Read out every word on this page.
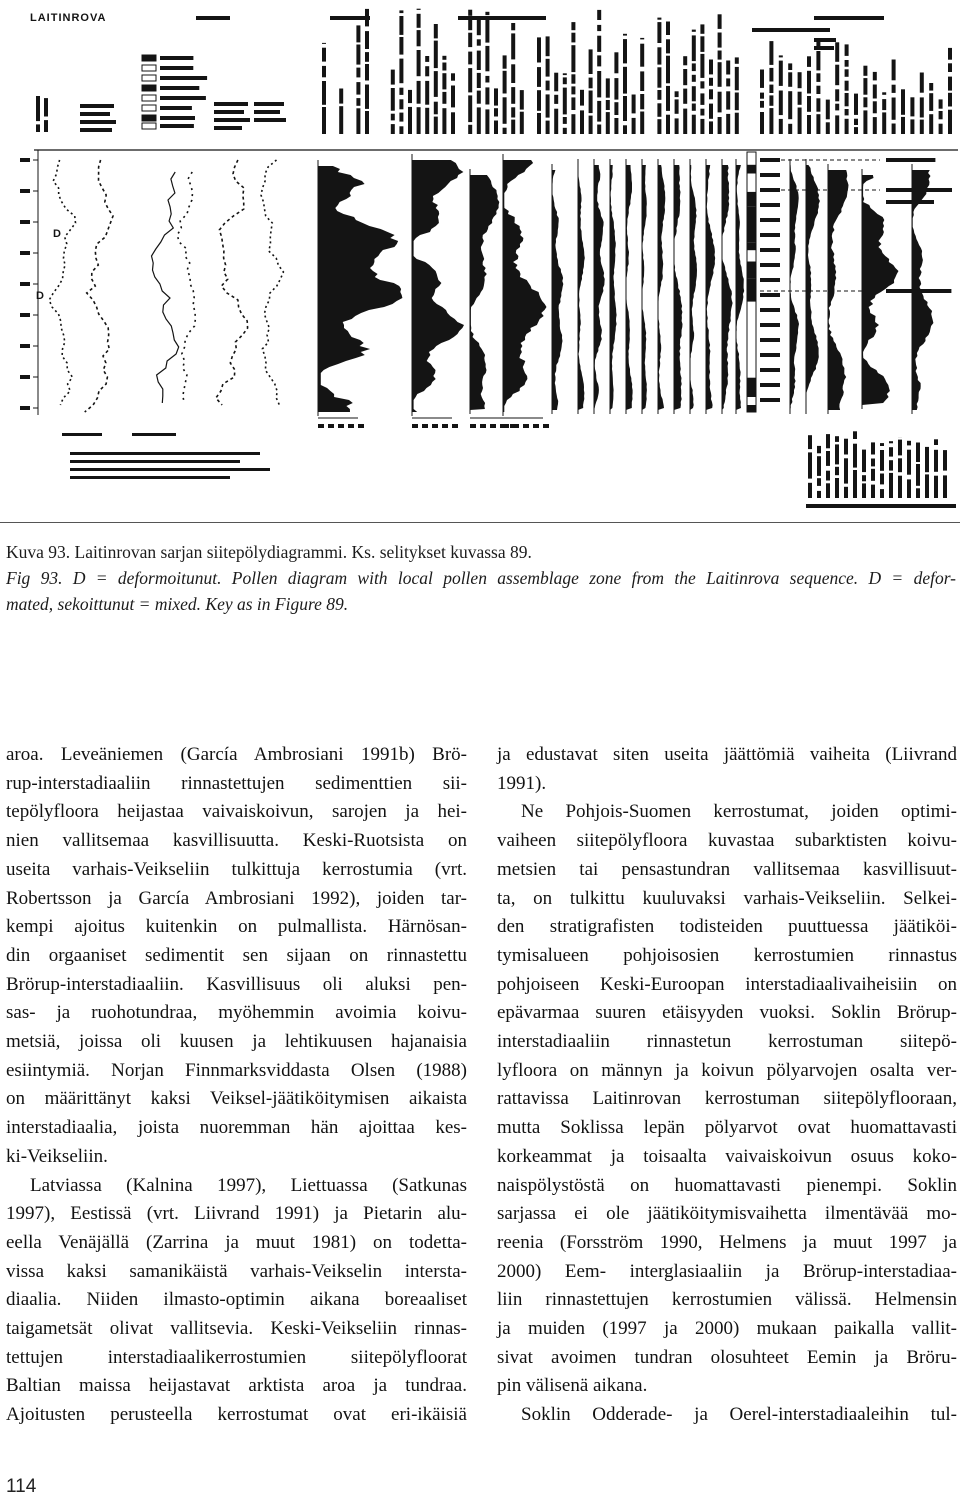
LAITINROVA
D
D
Kuva 93. Laitinrovan sarjan siitepölydiagrammi. Ks. selitykset kuvassa 89.
Fig 93. D = deformoitunut. Pollen diagram with local pollen assemblage zone from the Laitinrova sequence. D = defor-
mated, sekoittunut = mixed. Key as in Figure 89.
aroa. Leveäniemen (García Ambrosiani 1991b) Brö-
rup-interstadiaaliin rinnastettujen sedimenttien sii-
tepölyfloora heijastaa vaivaiskoivun, sarojen ja hei-
nien vallitsemaa kasvillisuutta. Keski-Ruotsista on
useita varhais-Veikseliin tulkittuja kerrostumia (vrt.
Robertsson ja García Ambrosiani 1992), joiden tar-
kempi ajoitus kuitenkin on pulmallista. Härnösan-
din orgaaniset sedimentit sen sijaan on rinnastettu
Brörup-interstadiaaliin. Kasvillisuus oli aluksi pen-
sas- ja ruohotundraa, myöhemmin avoimia koivu-
metsiä, joissa oli kuusen ja lehtikuusen hajanaisia
esiintymiä. Norjan Finnmarksviddasta Olsen (1988)
on määrittänyt kaksi Veiksel-jäätiköitymisen aikaista
interstadiaalia, joista nuoremman hän ajoittaa kes-
ki-Veikseliin.
Latviassa (Kalnina 1997), Liettuassa (Satkunas
1997), Eestissä (vrt. Liivrand 1991) ja Pietarin alu-
eella Venäjällä (Zarrina ja muut 1981) on todetta-
vissa kaksi samanikäistä varhais-Veikselin intersta-
diaalia. Niiden ilmasto-optimin aikana boreaaliset
taigametsät olivat vallitsevia. Keski-Veikseliin rinnas-
tettujen interstadiaalikerrostumien siitepölyfloorat
Baltian maissa heijastavat arktista aroa ja tundraa.
Ajoitusten perusteella kerrostumat ovat eri-ikäisiä
ja edustavat siten useita jäättömiä vaiheita (Liivrand
1991).
Ne Pohjois-Suomen kerrostumat, joiden optimi-
vaiheen siitepölyfloora kuvastaa subarktisten koivu-
metsien tai pensastundran vallitsemaa kasvillisuut-
ta, on tulkittu kuuluvaksi varhais-Veikseliin. Selkei-
den stratigrafisten todisteiden puuttuessa jäätiköi-
tymisalueen pohjoisosien kerrostumien rinnastus
pohjoiseen Keski-Euroopan interstadiaalivaiheisiin on
epävarmaa suuren etäisyyden vuoksi. Soklin Brörup-
interstadiaaliin rinnastetun kerrostuman siitepö-
lyfloora on männyn ja koivun pölyarvojen osalta ver-
rattavissa Laitinrovan kerrostuman siitepölyflooraan,
mutta Soklissa lepän pölyarvot ovat huomattavasti
korkeammat ja toisaalta vaivaiskoivun osuus koko-
naispölystöstä on huomattavasti pienempi. Soklin
sarjassa ei ole jäätiköitymisvaihetta ilmentävää mo-
reenia (Forsström 1990, Helmens ja muut 1997 ja
2000) Eem- interglasiaaliin ja Brörup-interstadiaa-
liin rinnastettujen kerrostumien välissä. Helmensin
ja muiden (1997 ja 2000) mukaan paikalla vallit-
sivat avoimen tundran olosuhteet Eemin ja Bröru-
pin välisenä aikana.
Soklin Odderade- ja Oerel-interstadiaaleihin tul-
114
